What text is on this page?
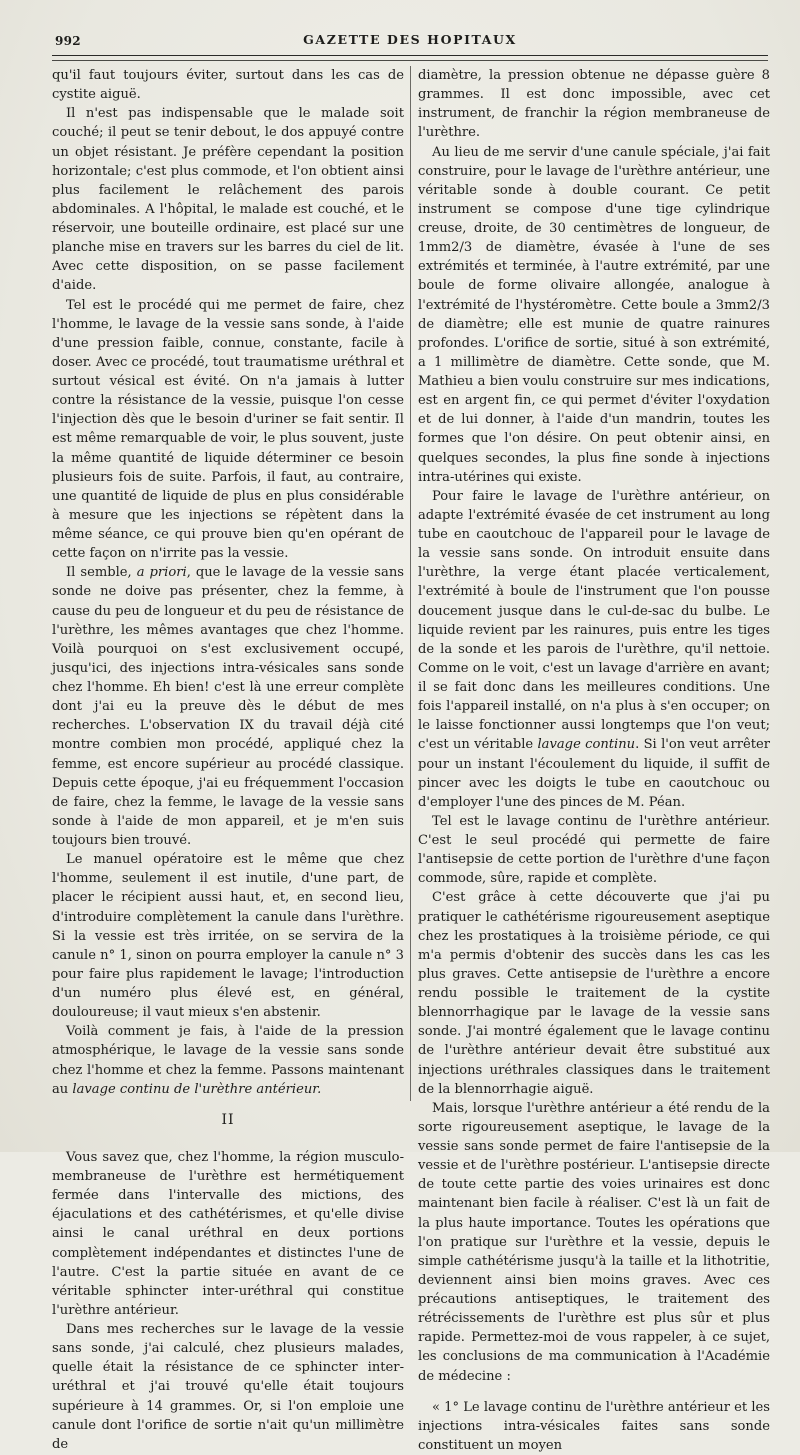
992	GAZETTE DES HOPITAUX

qu'il faut toujours éviter, surtout dans les cas de cystite aiguë.

Il n'est pas indispensable que le malade soit couché; il peut se tenir debout, le dos appuyé contre un objet résistant. Je préfère cependant la position horizontale; c'est plus commode, et l'on obtient ainsi plus facilement le relâchement des parois abdominales. A l'hôpital, le malade est couché, et le réservoir, une bouteille ordinaire, est placé sur une planche mise en travers sur les barres du ciel de lit. Avec cette disposition, on se passe facilement d'aide.

Tel est le procédé qui me permet de faire, chez l'homme, le lavage de la vessie sans sonde, à l'aide d'une pression faible, connue, constante, facile à doser. Avec ce procédé, tout traumatisme uréthral et surtout vésical est évité. On n'a jamais à lutter contre la résistance de la vessie, puisque l'on cesse l'injection dès que le besoin d'uriner se fait sentir. Il est même remarquable de voir, le plus souvent, juste la même quantité de liquide déterminer ce besoin plusieurs fois de suite. Parfois, il faut, au contraire, une quantité de liquide de plus en plus considérable à mesure que les injections se répètent dans la même séance, ce qui prouve bien qu'en opérant de cette façon on n'irrite pas la vessie.

Il semble, a priori, que le lavage de la vessie sans sonde ne doive pas présenter, chez la femme, à cause du peu de longueur et du peu de résistance de l'urèthre, les mêmes avantages que chez l'homme. Voilà pourquoi on s'est exclusivement occupé, jusqu'ici, des injections intra-vésicales sans sonde chez l'homme. Eh bien! c'est là une erreur complète dont j'ai eu la preuve dès le début de mes recherches. L'observation IX du travail déjà cité montre combien mon procédé, appliqué chez la femme, est encore supérieur au procédé classique. Depuis cette époque, j'ai eu fréquemment l'occasion de faire, chez la femme, le lavage de la vessie sans sonde à l'aide de mon appareil, et je m'en suis toujours bien trouvé.

Le manuel opératoire est le même que chez l'homme, seulement il est inutile, d'une part, de placer le récipient aussi haut, et, en second lieu, d'introduire complètement la canule dans l'urèthre. Si la vessie est très irritée, on se servira de la canule n° 1, sinon on pourra employer la canule n° 3 pour faire plus rapidement le lavage; l'introduction d'un numéro plus élevé est, en général, douloureuse; il vaut mieux s'en abstenir.

Voilà comment je fais, à l'aide de la pression atmosphérique, le lavage de la vessie sans sonde chez l'homme et chez la femme. Passons maintenant au lavage continu de l'urèthre antérieur.

II

Vous savez que, chez l'homme, la région musculo-membraneuse de l'urèthre est hermétiquement fermée dans l'intervalle des mictions, des éjaculations et des cathétérismes, et qu'elle divise ainsi le canal uréthral en deux portions complètement indépendantes et distinctes l'une de l'autre. C'est la partie située en avant de ce véritable sphincter inter-uréthral qui constitue l'urèthre antérieur.

Dans mes recherches sur le lavage de la vessie sans sonde, j'ai calculé, chez plusieurs malades, quelle était la résistance de ce sphincter inter-uréthral et j'ai trouvé qu'elle était toujours supérieure à 14 grammes. Or, si l'on emploie une canule dont l'orifice de sortie n'ait qu'un millimètre de

diamètre, la pression obtenue ne dépasse guère 8 grammes. Il est donc impossible, avec cet instrument, de franchir la région membraneuse de l'urèthre.

Au lieu de me servir d'une canule spéciale, j'ai fait construire, pour le lavage de l'urèthre antérieur, une véritable sonde à double courant. Ce petit instrument se compose d'une tige cylindrique creuse, droite, de 30 centimètres de longueur, de 1mm2/3 de diamètre, évasée à l'une de ses extrémités et terminée, à l'autre extrémité, par une boule de forme olivaire allongée, analogue à l'extrémité de l'hystéromètre. Cette boule a 3mm2/3 de diamètre; elle est munie de quatre rainures profondes. L'orifice de sortie, situé à son extrémité, a 1 millimètre de diamètre. Cette sonde, que M. Mathieu a bien voulu construire sur mes indications, est en argent fin, ce qui permet d'éviter l'oxydation et de lui donner, à l'aide d'un mandrin, toutes les formes que l'on désire. On peut obtenir ainsi, en quelques secondes, la plus fine sonde à injections intra-utérines qui existe.

Pour faire le lavage de l'urèthre antérieur, on adapte l'extrémité évasée de cet instrument au long tube en caoutchouc de l'appareil pour le lavage de la vessie sans sonde. On introduit ensuite dans l'urèthre, la verge étant placée verticalement, l'extrémité à boule de l'instrument que l'on pousse doucement jusque dans le cul-de-sac du bulbe. Le liquide revient par les rainures, puis entre les tiges de la sonde et les parois de l'urèthre, qu'il nettoie. Comme on le voit, c'est un lavage d'arrière en avant; il se fait donc dans les meilleures conditions. Une fois l'appareil installé, on n'a plus à s'en occuper; on le laisse fonctionner aussi longtemps que l'on veut; c'est un véritable lavage continu. Si l'on veut arrêter pour un instant l'écoulement du liquide, il suffit de pincer avec les doigts le tube en caoutchouc ou d'employer l'une des pinces de M. Péan.

Tel est le lavage continu de l'urèthre antérieur. C'est le seul procédé qui permette de faire l'antisepsie de cette portion de l'urèthre d'une façon commode, sûre, rapide et complète.

C'est grâce à cette découverte que j'ai pu pratiquer le cathétérisme rigoureusement aseptique chez les prostatiques à la troisième période, ce qui m'a permis d'obtenir des succès dans les cas les plus graves. Cette antisepsie de l'urèthre a encore rendu possible le traitement de la cystite blennorrhagique par le lavage de la vessie sans sonde. J'ai montré également que le lavage continu de l'urèthre antérieur devait être substitué aux injections uréthrales classiques dans le traitement de la blennorrhagie aiguë.

Mais, lorsque l'urèthre antérieur a été rendu de la sorte rigoureusement aseptique, le lavage de la vessie sans sonde permet de faire l'antisepsie de la vessie et de l'urèthre postérieur. L'antisepsie directe de toute cette partie des voies urinaires est donc maintenant bien facile à réaliser. C'est là un fait de la plus haute importance. Toutes les opérations que l'on pratique sur l'urèthre et la vessie, depuis le simple cathétérisme jusqu'à la taille et la lithotritie, deviennent ainsi bien moins graves. Avec ces précautions antiseptiques, le traitement des rétrécissements de l'urèthre est plus sûr et plus rapide. Permettez-moi de vous rappeler, à ce sujet, les conclusions de ma communication à l'Académie de médecine :

« 1° Le lavage continu de l'urèthre antérieur et les injections intra-vésicales faites sans sonde constituent un moyen
